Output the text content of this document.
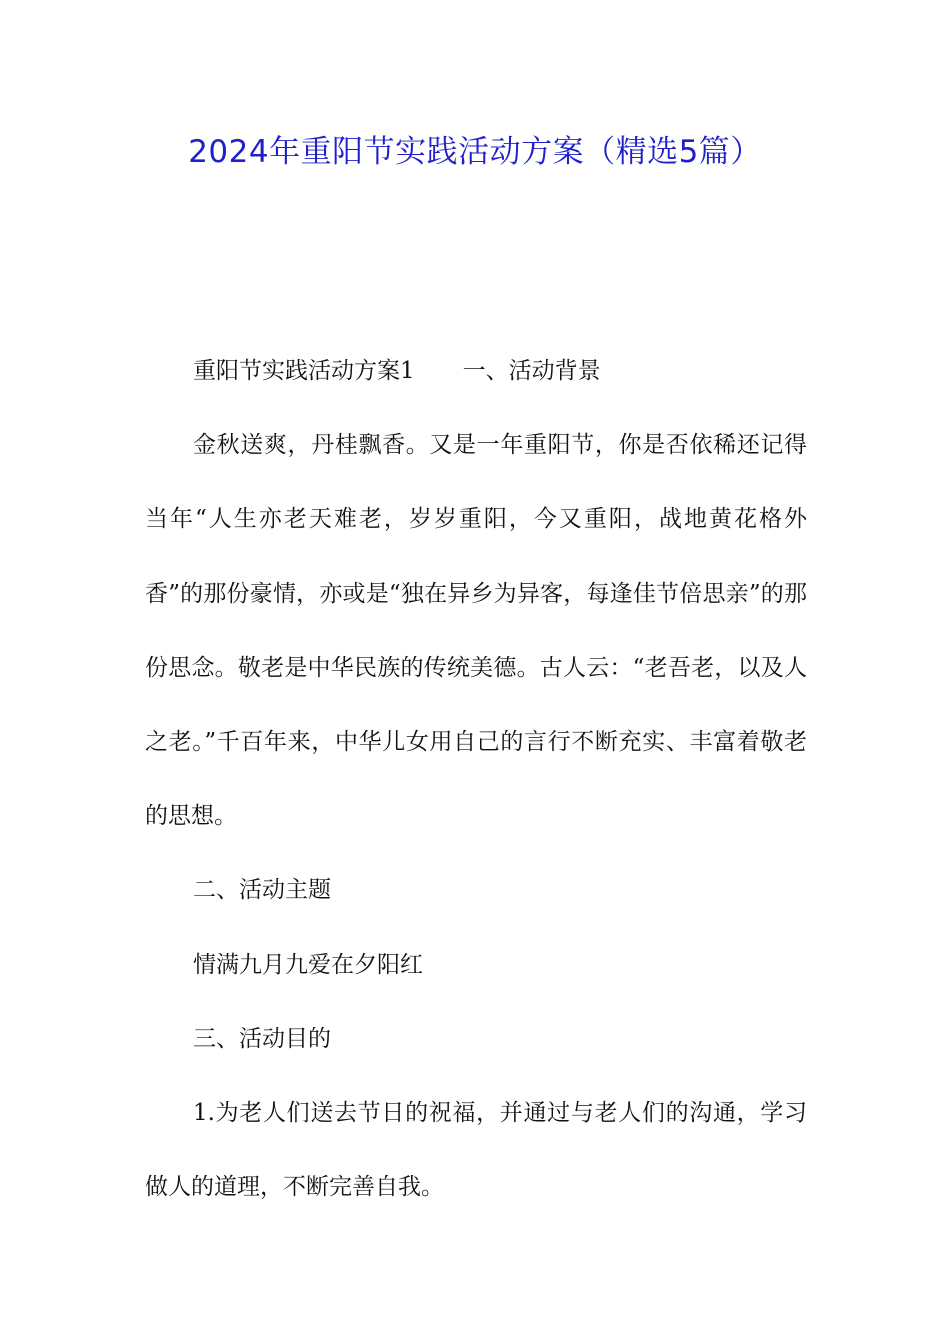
2024年重阳节实践活动方案（精选5篇）

重阳节实践活动方案1 一、活动背景

金秋送爽，丹桂飘香。又是一年重阳节，你是否依稀还记得当年“人生亦老天难老，岁岁重阳，今又重阳，战地黄花格外香”的那份豪情，亦或是“独在异乡为异客，每逢佳节倍思亲”的那份思念。敬老是中华民族的传统美德。古人云：“老吾老，以及人之老。”千百年来，中华儿女用自己的言行不断充实、丰富着敬老的思想。

二、活动主题

情满九月九爱在夕阳红

三、活动目的

1.为老人们送去节日的祝福，并通过与老人们的沟通，学习做人的道理，不断完善自我。
